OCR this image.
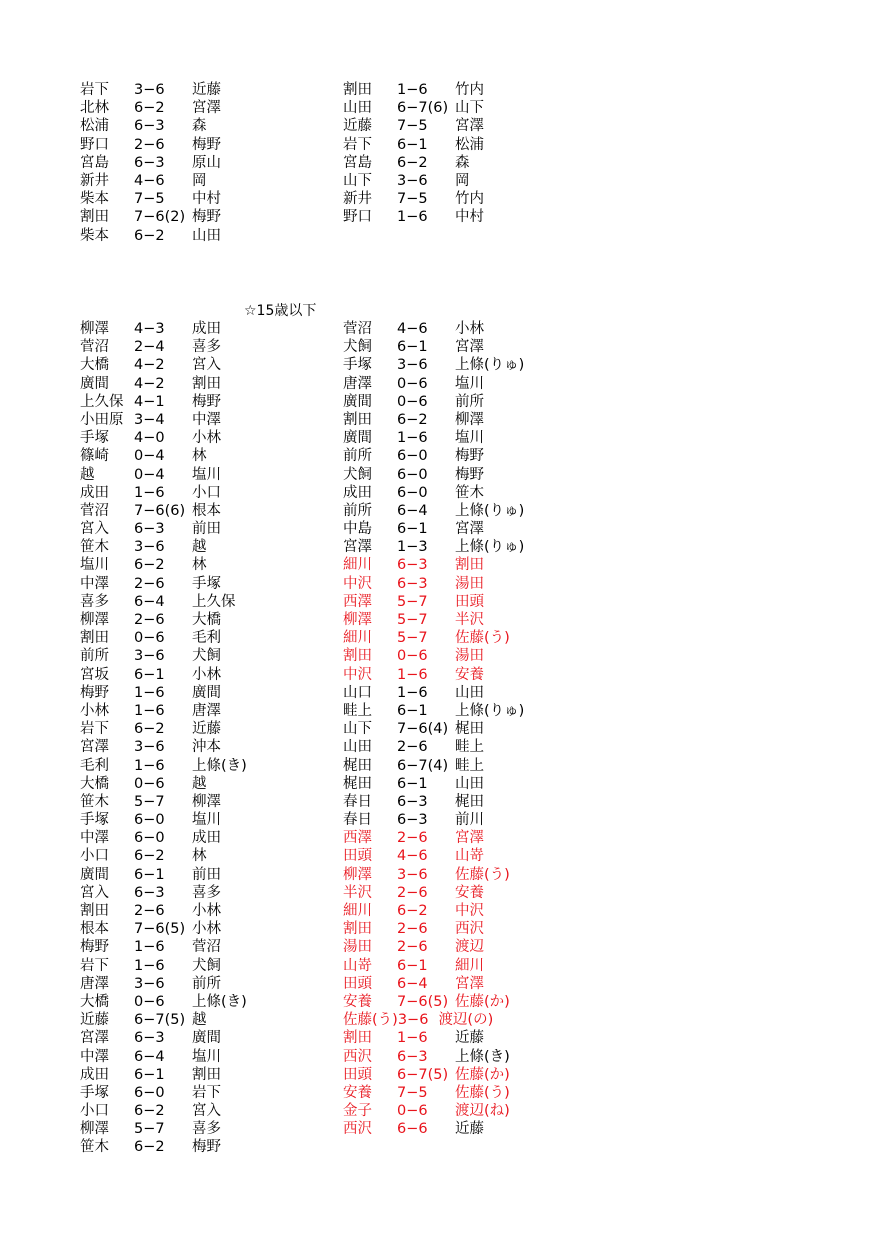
岩下 3−6 近藤
北林 6−2 宮澤
松浦 6−3 森
野口 2−6 梅野
宮島 6−3 原山
新井 4−6 岡
柴本 7−5 中村
割田 7−6(2) 梅野
柴本 6−2 山田
割田 1−6 竹内
山田 6−7(6) 山下
近藤 7−5 宮澤
岩下 6−1 松浦
宮島 6−2 森
山下 3−6 岡
新井 7−5 竹内
野口 1−6 中村
☆15歳以下
柳澤 4−3 成田
菅沼 2−4 喜多
大橋 4−2 宮入
廣間 4−2 割田
上久保 4−1 梅野
小田原 3−4 中澤
手塚 4−0 小林
篠崎 0−4 林
越	0−4 塩川
成田 1−6 小口
菅沼 7−6(6) 根本
宮入 6−3 前田
笹木 3−6 越
塩川 6−2 林
中澤 2−6 手塚
喜多 6−4 上久保
柳澤 2−6 大橋
割田 0−6 毛利
前所 3−6 犬飼
宮坂 6−1 小林
梅野 1−6 廣間
小林 1−6 唐澤
岩下 6−2 近藤
宮澤 3−6 沖本
毛利 1−6 上條(き)
大橋 0−6 越
笹木 5−7 柳澤
手塚 6−0 塩川
中澤 6−0 成田
小口 6−2 林
廣間 6−1 前田
宮入 6−3 喜多
割田 2−6 小林
根本 7−6(5) 小林
梅野 1−6 菅沼
岩下 1−6 犬飼
唐澤 3−6 前所
大橋 0−6 上條(き)
近藤 6−7(5) 越
宮澤 6−3 廣間
中澤 6−4 塩川
成田 6−1 割田
手塚 6−0 岩下
小口 6−2 宮入
柳澤 5−7 喜多
笹木 6−2 梅野
菅沼 4−6 小林
犬飼 6−1 宮澤
手塚 3−6 上條(りゅ)
唐澤 0−6 塩川
廣間 0−6 前所
割田 6−2 柳澤
廣間 1−6 塩川
前所 6−0 梅野
犬飼 6−0 梅野
成田 6−0 笹木
前所 6−4 上條(りゅ)
中島 6−1 宮澤
宮澤 1−3 上條(りゅ)
細川 6−3 割田
中沢 6−3 湯田
西澤 5−7 田頭
柳澤 5−7 半沢
細川 5−7 佐藤(う)
割田 0−6 湯田
中沢 1−6 安養
山口 1−6 山田
畦上 6−1 上條(りゅ)
山下 7−6(4) 梶田
山田 2−6 畦上
梶田 6−7(4) 畦上
梶田 6−1 山田
春日 6−3 梶田
春日 6−3 前川
西澤 2−6 宮澤
田頭 4−6 山嵜
柳澤 3−6 佐藤(う)
半沢 2−6 安養
細川 6−2 中沢
割田 2−6 西沢
湯田 2−6 渡辺
山嵜 6−1 細川
田頭 6−4 宮澤
安養 7−6(5) 佐藤(か)
佐藤(う)3−6 渡辺(の)
割田 1−6 近藤
西沢 6−3 上條(き)
田頭 6−7(5) 佐藤(か)
安養 7−5 佐藤(う)
金子 0−6 渡辺(ね)
西沢 6−6 近藤
